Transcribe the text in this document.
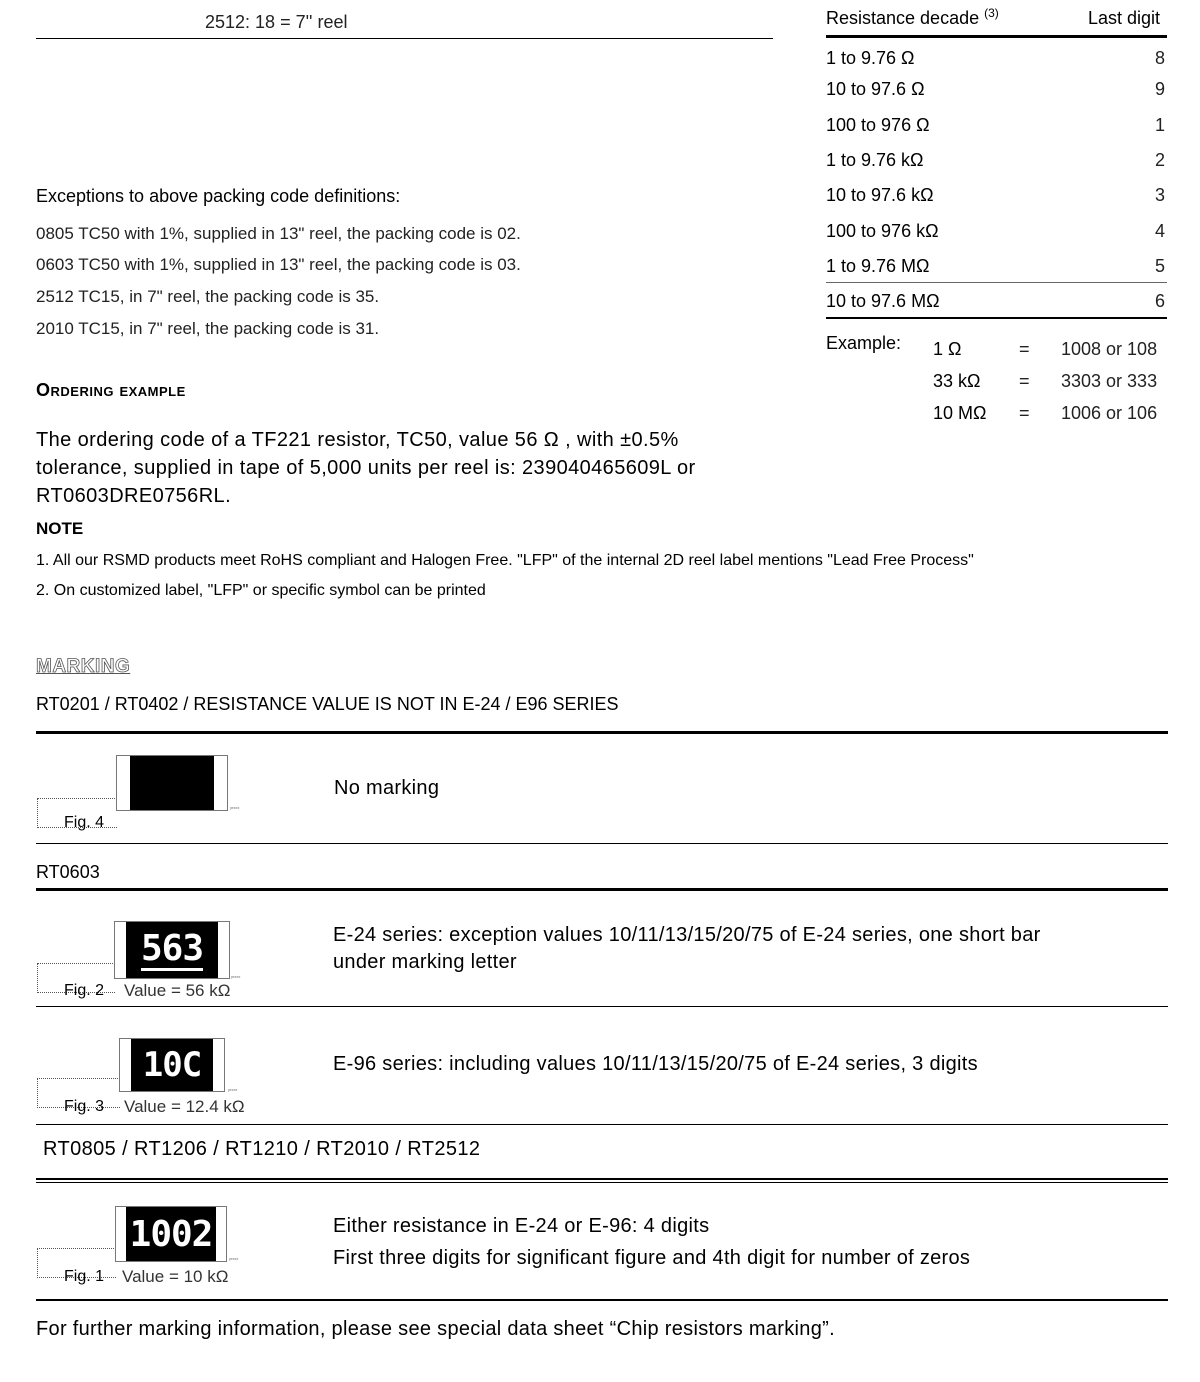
2512: 18 = 7'' reel
Exceptions to above packing code definitions:
0805 TC50 with 1%, supplied in 13" reel, the packing code is 02.
0603 TC50 with 1%, supplied in 13" reel, the packing code is 03.
2512 TC15, in 7" reel, the packing code is 35.
2010 TC15, in 7" reel, the packing code is 31.
Ordering example
The ordering code of a TF221 resistor, TC50, value 56 Ω , with ±0.5%
tolerance, supplied in tape of 5,000 units per reel is: 239040465609L or
RT0603DRE0756RL.
NOTE
1. All our RSMD products meet RoHS compliant and Halogen Free. "LFP" of the internal 2D reel label mentions "Lead Free Process"
2. On customized label, "LFP" or specific symbol can be printed
Resistance decade $^{(3)}$	Last digit
1 to 9.76 Ω	8
10 to 97.6 Ω	9
100 to 976 Ω	1
1 to 9.76 kΩ	2
10 to 97.6 kΩ	3
100 to 976 kΩ	4
1 to 9.76 MΩ	5
10 to 97.6 MΩ	6
Example: 1 Ω	= 1008 or 108
33 kΩ = 3303 or 333
10 MΩ = 1006 or 106
MARKING
RT0201 / RT0402 / RESISTANCE VALUE IS NOT IN E-24 / E96 SERIES
yrxxx
Fig. 4
No marking
RT0603
563
yrxxx
Fig. 2 Value = 56 kΩ
E-24 series: exception values 10/11/13/15/20/75 of E-24 series, one short bar
under marking letter
10C
yrxxx
Fig. 3 Value = 12.4 kΩ
E-96 series: including values 10/11/13/15/20/75 of E-24 series, 3 digits
RT0805 / RT1206 / RT1210 / RT2010 / RT2512
1002
yrxxx
Fig. 1 Value = 10 kΩ
Either resistance in E-24 or E-96: 4 digits
First three digits for significant figure and 4th digit for number of zeros
For further marking information, please see special data sheet “Chip resistors marking”.
